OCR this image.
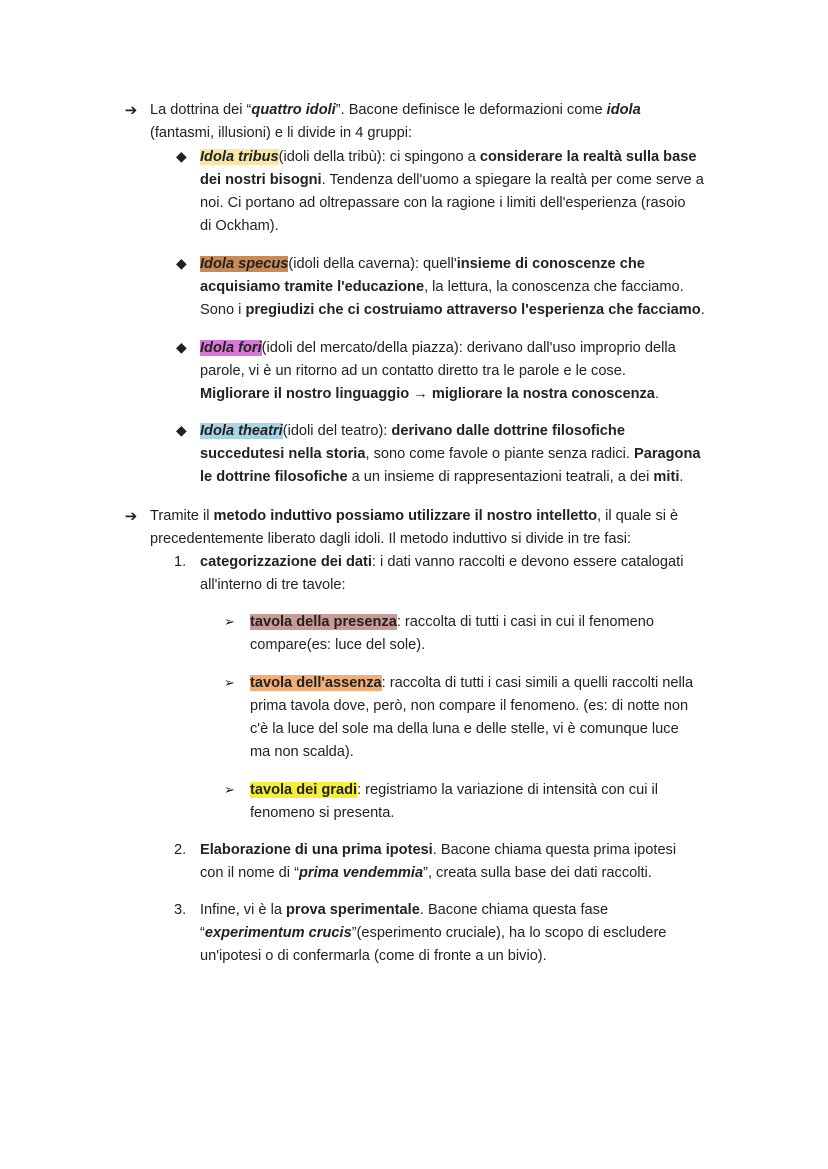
➔ La dottrina dei “quattro idoli”. Bacone definisce le deformazioni come idola
(fantasmi, illusioni) e li divide in 4 gruppi:
◆ Idola tribus(idoli della tribù): ci spingono a considerare la realtà sulla base
dei nostri bisogni. Tendenza dell'uomo a spiegare la realtà per come serve a
noi. Ci portano ad oltrepassare con la ragione i limiti dell'esperienza (rasoio
di Ockham).
◆ Idola specus(idoli della caverna): quell'insieme di conoscenze che
acquisiamo tramite l'educazione, la lettura, la conoscenza che facciamo.
Sono i pregiudizi che ci costruiamo attraverso l'esperienza che facciamo.
◆ Idola fori(idoli del mercato/della piazza): derivano dall'uso improprio della
parole, vi è un ritorno ad un contatto diretto tra le parole e le cose.
Migliorare il nostro linguaggio → migliorare la nostra conoscenza.
◆ Idola theatri(idoli del teatro): derivano dalle dottrine filosofiche
succedutesi nella storia, sono come favole o piante senza radici. Paragona
le dottrine filosofiche a un insieme di rappresentazioni teatrali, a dei miti.
➔ Tramite il metodo induttivo possiamo utilizzare il nostro intelletto, il quale si è
precedentemente liberato dagli idoli. Il metodo induttivo si divide in tre fasi:
1. categorizzazione dei dati: i dati vanno raccolti e devono essere catalogati
all'interno di tre tavole:
➢ tavola della presenza: raccolta di tutti i casi in cui il fenomeno
compare(es: luce del sole).
➢ tavola dell'assenza: raccolta di tutti i casi simili a quelli raccolti nella
prima tavola dove, però, non compare il fenomeno. (es: di notte non
c'è la luce del sole ma della luna e delle stelle, vi è comunque luce
ma non scalda).
➢ tavola dei gradi: registriamo la variazione di intensità con cui il
fenomeno si presenta.
2. Elaborazione di una prima ipotesi. Bacone chiama questa prima ipotesi
con il nome di “prima vendemmia”, creata sulla base dei dati raccolti.
3. Infine, vi è la prova sperimentale. Bacone chiama questa fase
“experimentum crucis”(esperimento cruciale), ha lo scopo di escludere
un'ipotesi o di confermarla (come di fronte a un bivio).
